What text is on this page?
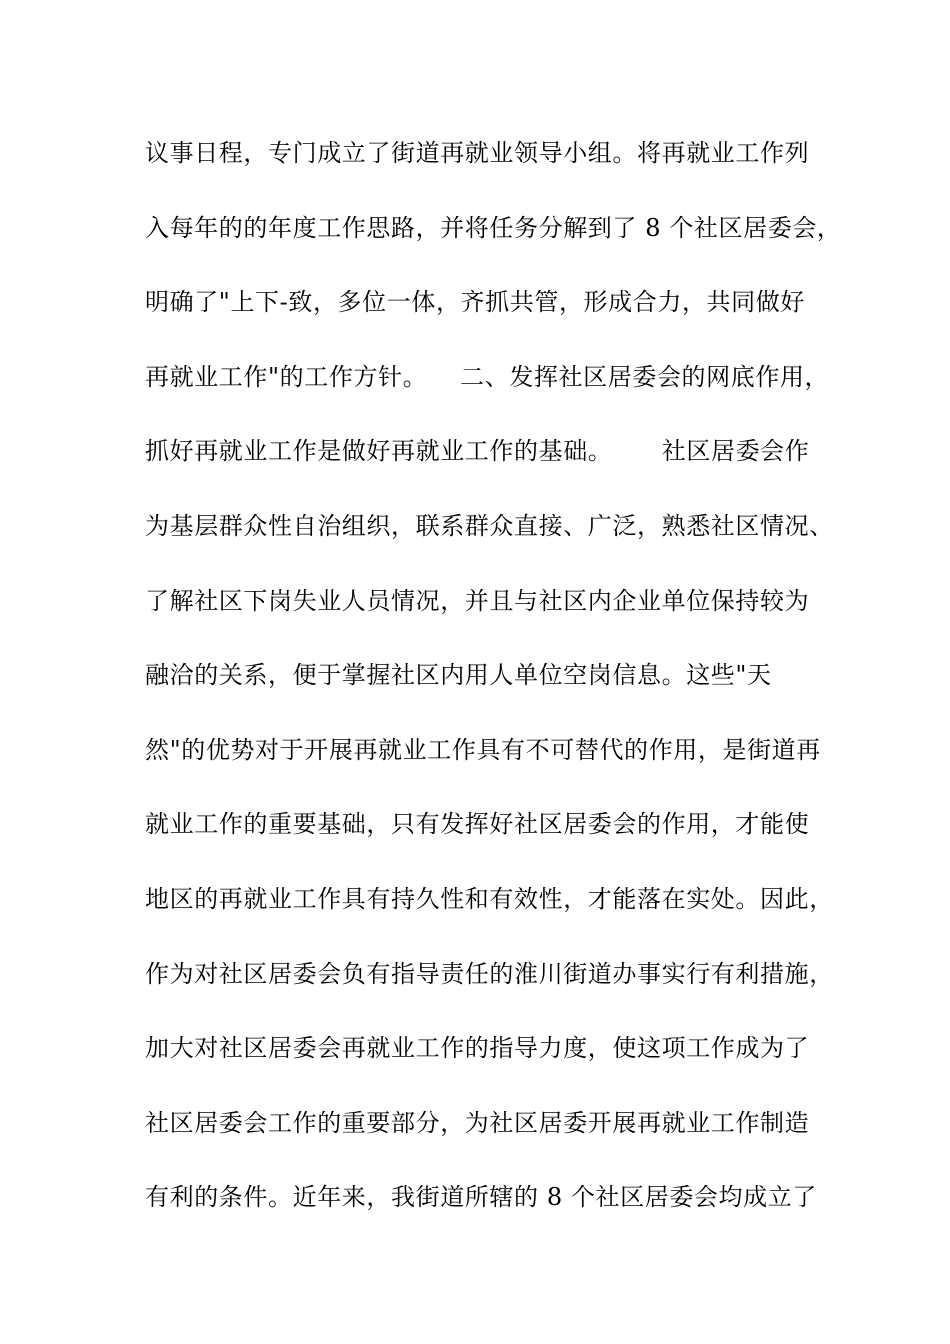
议事日程，专门成立了街道再就业领导小组。将再就业工作列
入每年的的年度工作思路，并将任务分解到了 8 个社区居委会，
明确了"上下-致，多位一体，齐抓共管，形成合力，共同做好
再就业工作"的工作方针。    二、发挥社区居委会的网底作用，
抓好再就业工作是做好再就业工作的基础。      社区居委会作
为基层群众性自治组织，联系群众直接、广泛，熟悉社区情况、
了解社区下岗失业人员情况，并且与社区内企业单位保持较为
融洽的关系，便于掌握社区内用人单位空岗信息。这些"天
然"的优势对于开展再就业工作具有不可替代的作用，是街道再
就业工作的重要基础，只有发挥好社区居委会的作用，才能使
地区的再就业工作具有持久性和有效性，才能落在实处。因此，
作为对社区居委会负有指导责任的淮川街道办事实行有利措施，
加大对社区居委会再就业工作的指导力度，使这项工作成为了
社区居委会工作的重要部分，为社区居委开展再就业工作制造
有利的条件。近年来，我街道所辖的 8 个社区居委会均成立了
